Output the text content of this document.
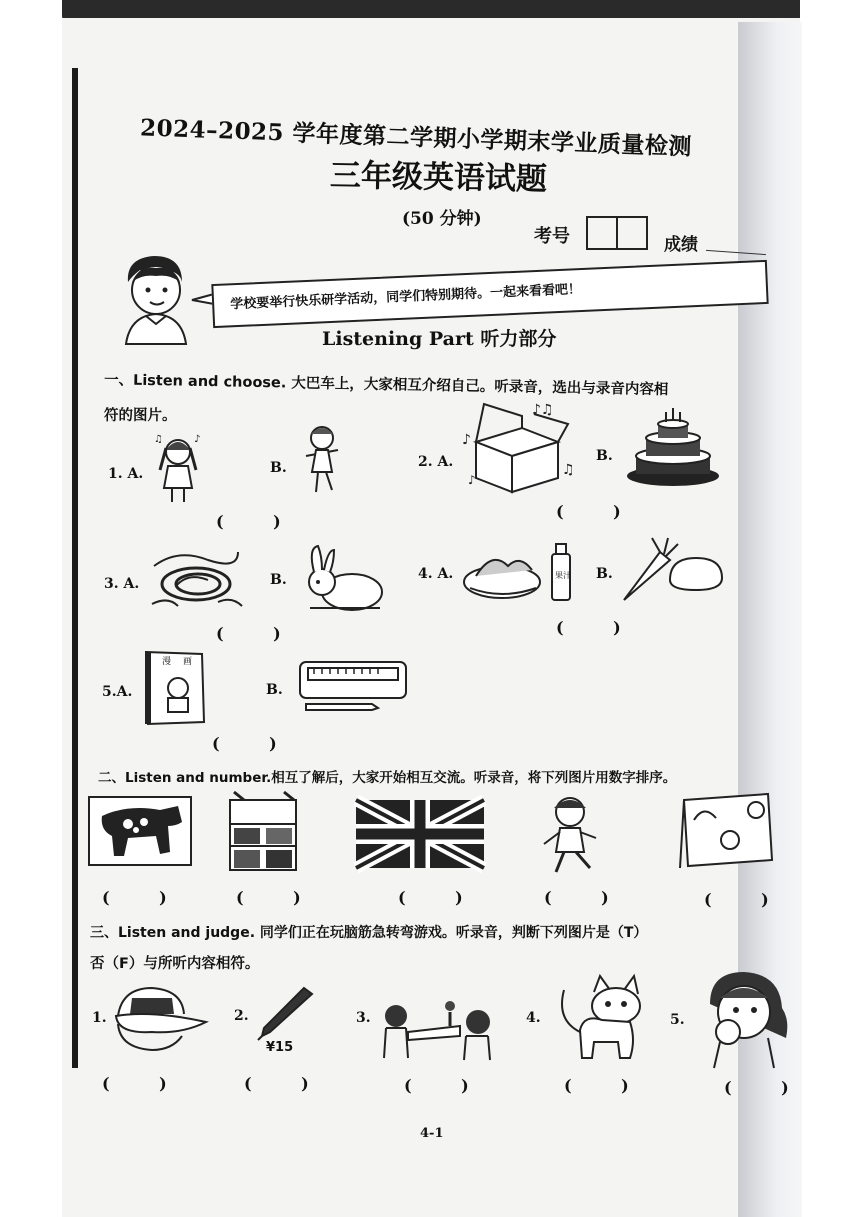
2024–2025 学年度第二学期小学期末学业质量检测
三年级英语试题
(50 分钟)
考号	成绩
学校要举行快乐研学活动，同学们特别期待。一起来看看吧！
Listening Part 听力部分
一、Listen and choose. 大巴车上，大家相互介绍自己。听录音，选出与录音内容相
符的图片。
1. A.
♫	♪
B.
( )
2. A.
♪♫
♪
♫
♪
B.
( )
3. A.	B.
( )
4. A.	果汁 B.
( )
5.A.
漫画
B.
( )
二、Listen and number.相互了解后，大家开始相互交流。听录音，将下列图片用数字排序。
( )	( )	( )	( )	( )
三、Listen and judge. 同学们正在玩脑筋急转弯游戏。听录音，判断下列图片是（T）
否（F）与所听内容相符。
1.	2.
¥15
3.	4.	5.
( )	( )	( )	( )	( )
4-1
